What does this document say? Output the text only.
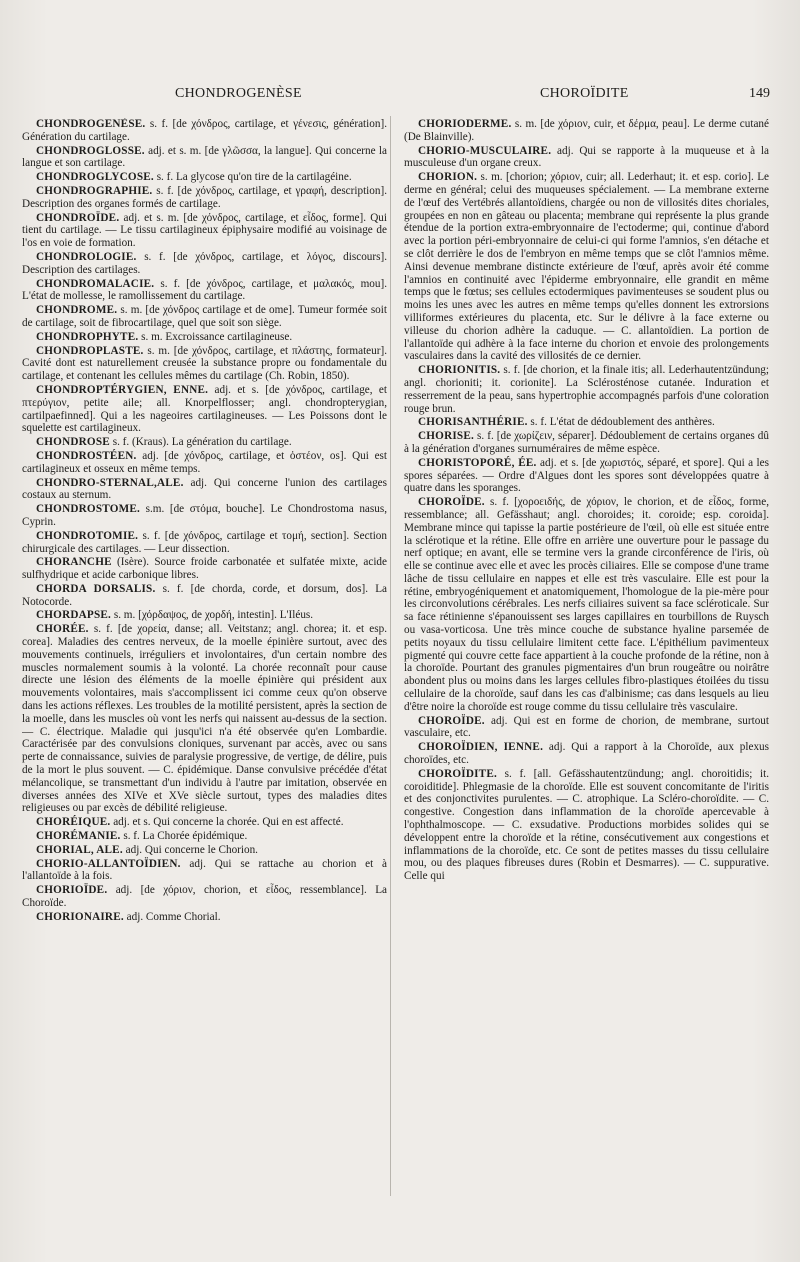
CHONDROGENÈSE	CHOROÏDITE	149

CHONDROGENÈSE. s. f. [de χόνδρος, cartilage, et γένεσις, génération]. Génération du cartilage.

CHONDROGLOSSE. adj. et s. m. [de γλῶσσα, la langue]. Qui concerne la langue et son cartilage.

CHONDROGLYCOSE. s. f. La glycose qu'on tire de la cartilagéine.

CHONDROGRAPHIE. s. f. [de χόνδρος, cartilage, et γραφή, description]. Description des organes formés de cartilage.

CHONDROÏDE. adj. et s. m. [de χόνδρος, cartilage, et εἶδος, forme]. Qui tient du cartilage. — Le tissu cartilagineux épiphysaire modifié au voisinage de l'os en voie de formation.

CHONDROLOGIE. s. f. [de χόνδρος, cartilage, et λόγος, discours]. Description des cartilages.

CHONDROMALACIE. s. f. [de χόνδρος, cartilage, et μαλακός, mou]. L'état de mollesse, le ramollissement du cartilage.

CHONDROME. s. m. [de χόνδρος cartilage et de ome]. Tumeur formée soit de cartilage, soit de fibrocartilage, quel que soit son siège.

CHONDROPHYTE. s. m. Excroissance cartilagineuse.

CHONDROPLASTE. s. m. [de χόνδρος, cartilage, et πλάστης, formateur]. Cavité dont est naturellement creusée la substance propre ou fondamentale du cartilage, et contenant les cellules mêmes du cartilage (Ch. Robin, 1850).

CHONDROPTÉRYGIEN, ENNE. adj. et s. [de χόνδρος, cartilage, et πτερύγιον, petite aile; all. Knorpelflosser; angl. chondropterygian, cartilpaefinned]. Qui a les nageoires cartilagineuses. — Les Poissons dont le squelette est cartilagineux.

CHONDROSE s. f. (Kraus). La génération du cartilage.

CHONDROSTÉEN. adj. [de χόνδρος, cartilage, et ὀστέον, os]. Qui est cartilagineux et osseux en même temps.

CHONDRO-STERNAL,ALE. adj. Qui concerne l'union des cartilages costaux au sternum.

CHONDROSTOME. s.m. [de στόμα, bouche]. Le Chondrostoma nasus, Cyprin.

CHONDROTOMIE. s. f. [de χόνδρος, cartilage et τομή, section]. Section chirurgicale des cartilages. — Leur dissection.

CHORANCHE (Isère). Source froide carbonatée et sulfatée mixte, acide sulfhydrique et acide carbonique libres.

CHORDA DORSALIS. s. f. [de chorda, corde, et dorsum, dos]. La Notocorde.

CHORDAPSE. s. m. [χόρδαψος, de χορδή, intestin]. L'Iléus.

CHORÉE. s. f. [de χορεία, danse; all. Veitstanz; angl. chorea; it. et esp. corea]. Maladies des centres nerveux, de la moelle épinière surtout, avec des mouvements continuels, irréguliers et involontaires, d'un certain nombre des muscles normalement soumis à la volonté. La chorée reconnaît pour cause directe une lésion des éléments de la moelle épinière qui président aux mouvements volontaires, mais s'accomplissent ici comme ceux qu'on observe dans les actions réflexes. Les troubles de la motilité persistent, après la section de la moelle, dans les muscles où vont les nerfs qui naissent au-dessus de la section. — C. électrique. Maladie qui jusqu'ici n'a été observée qu'en Lombardie. Caractérisée par des convulsions cloniques, survenant par accès, avec ou sans perte de connaissance, suivies de paralysie progressive, de vertige, de délire, puis de la mort le plus souvent. — C. épidémique. Danse convulsive précédée d'état mélancolique, se transmettant d'un individu à l'autre par imitation, observée en diverses années des XIVe et XVe siècle surtout, types des maladies dites religieuses ou par excès de débilité religieuse.

CHORÉIQUE. adj. et s. Qui concerne la chorée. Qui en est affecté.

CHORÉMANIE. s. f. La Chorée épidémique.

CHORIAL, ALE. adj. Qui concerne le Chorion.

CHORIO-ALLANTOÏDIEN. adj. Qui se rattache au chorion et à l'allantoïde à la fois.

CHORIOÏDE. adj. [de χόριον, chorion, et εἶδος, ressemblance]. La Choroïde.

CHORIONAIRE. adj. Comme Chorial.

CHORIODERME. s. m. [de χόριον, cuir, et δέρμα, peau]. Le derme cutané (De Blainville).

CHORIO-MUSCULAIRE. adj. Qui se rapporte à la muqueuse et à la musculeuse d'un organe creux.

CHORION. s. m. [chorion; χόριον, cuir; all. Lederhaut; it. et esp. corio]. Le derme en général; celui des muqueuses spécialement. — La membrane externe de l'œuf des Vertébrés allantoïdiens, chargée ou non de villosités dites choriales, groupées en non en gâteau ou placenta; membrane qui représente la plus grande étendue de la portion extra-embryonnaire de l'ectoderme; qui, continue d'abord avec la portion péri-embryonnaire de celui-ci qui forme l'amnios, s'en détache et se clôt derrière le dos de l'embryon en même temps que se clôt l'amnios même. Ainsi devenue membrane distincte extérieure de l'œuf, après avoir été comme l'amnios en continuité avec l'épiderme embryonnaire, elle grandit en même temps que le fœtus; ses cellules ectodermiques pavimenteuses se soudent plus ou moins les unes avec les autres en même temps qu'elles donnent les extrorsions villiformes extérieures du placenta, etc. Sur le délivre à la face externe ou villeuse du chorion adhère la caduque. — C. allantoïdien. La portion de l'allantoïde qui adhère à la face interne du chorion et envoie des prolongements vasculaires dans la cavité des villosités de ce dernier.

CHORIONITIS. s. f. [de chorion, et la finale itis; all. Lederhautentzündung; angl. chorioniti; it. corionite]. La Sclérosténose cutanée. Induration et resserrement de la peau, sans hypertrophie accompagnés parfois d'une coloration rouge brun.

CHORISANTHÉRIE. s. f. L'état de dédoublement des anthères.

CHORISE. s. f. [de χωρίζειν, séparer]. Dédoublement de certains organes dû à la génération d'organes surnuméraires de même espèce.

CHORISTOPORÉ, ÉE. adj. et s. [de χωριστός, séparé, et spore]. Qui a les spores séparées. — Ordre d'Algues dont les spores sont développées quatre à quatre dans les sporanges.

CHOROÏDE. s. f. [χοροειδής, de χόριον, le chorion, et de εἶδος, forme, ressemblance; all. Gefässhaut; angl. choroides; it. coroide; esp. coroida]. Membrane mince qui tapisse la partie postérieure de l'œil, où elle est située entre la sclérotique et la rétine. Elle offre en arrière une ouverture pour le passage du nerf optique; en avant, elle se termine vers la grande circonférence de l'iris, où elle se continue avec elle et avec les procès ciliaires. Elle se compose d'une trame lâche de tissu cellulaire en nappes et elle est très vasculaire. Elle est pour la rétine, embryogéniquement et anatomiquement, l'homologue de la pie-mère pour les circonvolutions cérébrales. Les nerfs ciliaires suivent sa face scléroticale. Sur sa face rétinienne s'épanouissent ses larges capillaires en tourbillons de Ruysch ou vasa-vorticosa. Une très mince couche de substance hyaline parsemée de petits noyaux du tissu cellulaire limitent cette face. L'épithélium pavimenteux pigmenté qui couvre cette face appartient à la couche profonde de la rétine, non à la choroïde. Pourtant des granules pigmentaires d'un brun rougeâtre ou noirâtre abondent plus ou moins dans les larges cellules fibro-plastiques étoilées du tissu cellulaire de la choroïde, sauf dans les cas d'albinisme; cas dans lesquels au lieu d'être noire la choroïde est rouge comme du tissu cellulaire très vasculaire.

CHOROÏDE. adj. Qui est en forme de chorion, de membrane, surtout vasculaire, etc.

CHOROÏDIEN, IENNE. adj. Qui a rapport à la Choroïde, aux plexus choroïdes, etc.

CHOROÏDITE. s. f. [all. Gefässhautentzündung; angl. choroitidis; it. coroiditide]. Phlegmasie de la choroïde. Elle est souvent concomitante de l'iritis et des conjonctivites purulentes. — C. atrophique. La Scléro-choroïdite. — C. congestive. Congestion dans inflammation de la choroïde apercevable à l'ophthalmoscope. — C. exsudative. Productions morbides solides qui se développent entre la choroïde et la rétine, consécutivement aux congestions et inflammations de la choroïde, etc. Ce sont de petites masses du tissu cellulaire mou, ou des plaques fibreuses dures (Robin et Desmarres). — C. suppurative. Celle qui
